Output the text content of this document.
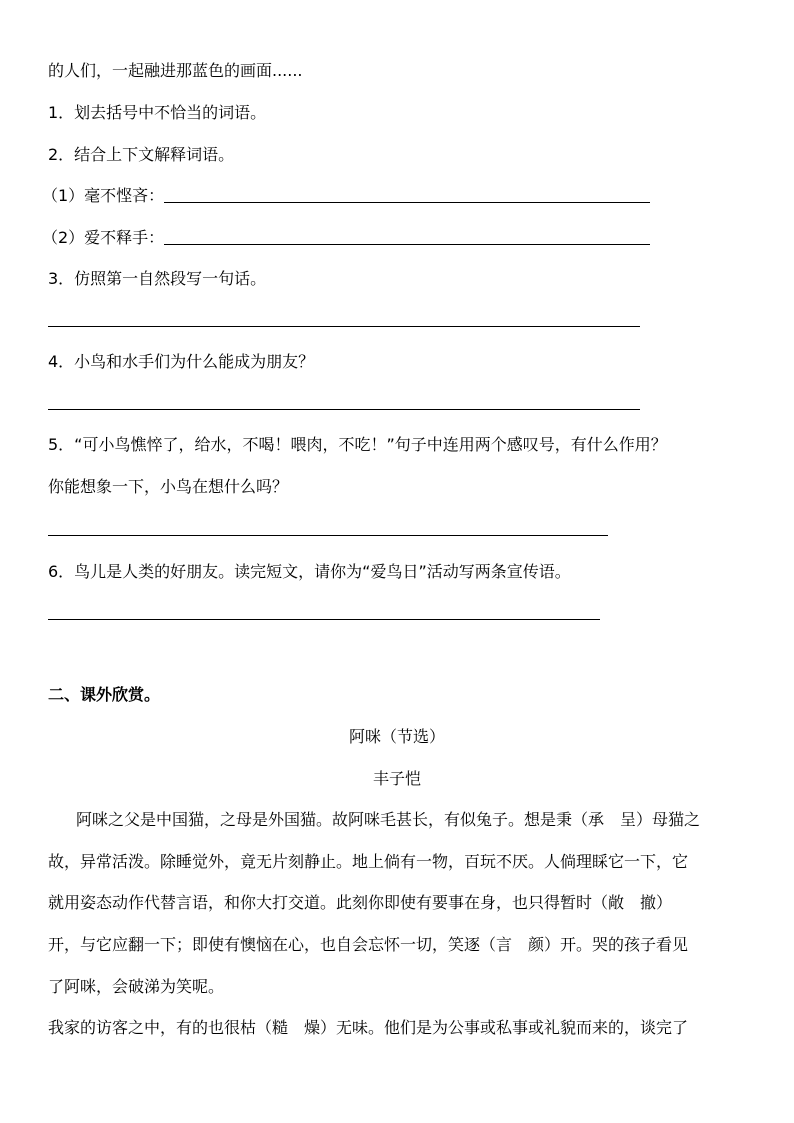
的人们，一起融进那蓝色的画面......
1．划去括号中不恰当的词语。
2．结合上下文解释词语。
（1）毫不悭吝：
（2）爱不释手：
3．仿照第一自然段写一句话。
4．小鸟和水手们为什么能成为朋友？
5．“可小鸟憔悴了，给水，不喝！喂肉，不吃！”句子中连用两个感叹号，有什么作用？
你能想象一下，小鸟在想什么吗？
6．鸟儿是人类的好朋友。读完短文，请你为“爱鸟日”活动写两条宣传语。
二、课外欣赏。
阿咪（节选）
丰子恺
阿咪之父是中国猫，之母是外国猫。故阿咪毛甚长，有似兔子。想是秉（承　呈）母猫之
故，异常活泼。除睡觉外，竟无片刻静止。地上倘有一物，百玩不厌。人倘理睬它一下，它
就用姿态动作代替言语，和你大打交道。此刻你即使有要事在身，也只得暂时（敞　撤）
开，与它应翻一下；即使有懊恼在心，也自会忘怀一切，笑逐（言　颜）开。哭的孩子看见
了阿咪，会破涕为笑呢。
我家的访客之中，有的也很枯（糙　燥）无味。他们是为公事或私事或礼貌而来的，谈完了
